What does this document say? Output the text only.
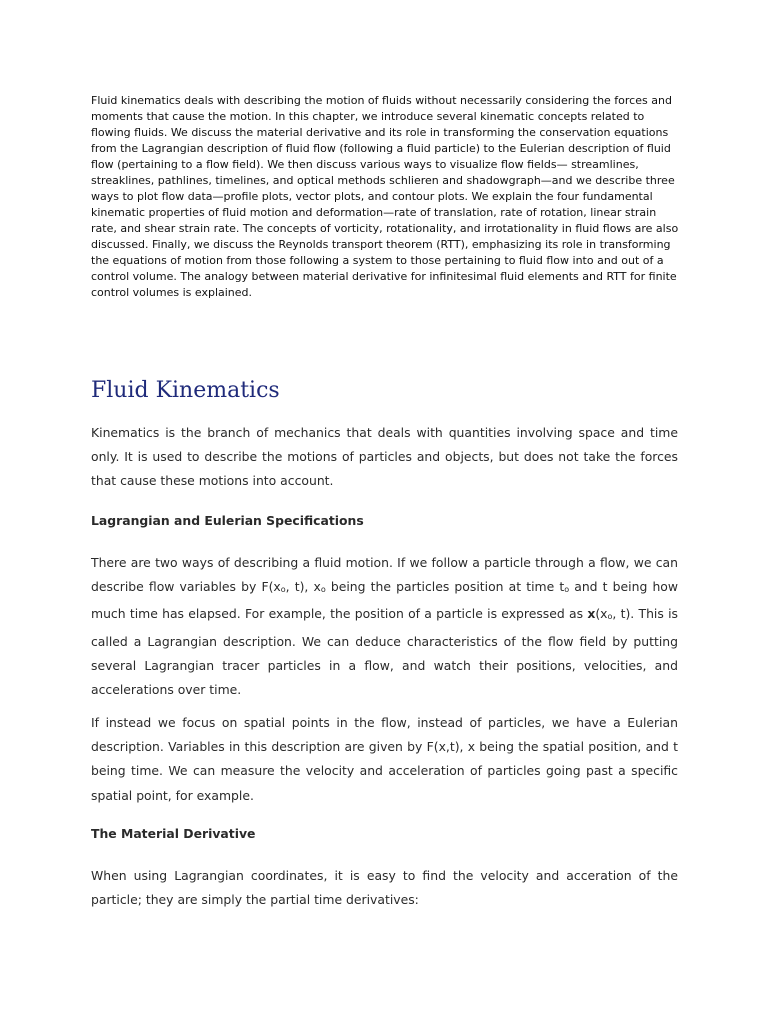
Fluid kinematics deals with describing the motion of fluids without necessarily considering the forces and moments that cause the motion. In this chapter, we introduce several kinematic concepts related to flowing fluids. We discuss the material derivative and its role in transforming the conservation equations from the Lagrangian description of fluid flow (following a fluid particle) to the Eulerian description of fluid flow (pertaining to a flow field). We then discuss various ways to visualize flow fields— streamlines, streaklines, pathlines, timelines, and optical methods schlieren and shadowgraph—and we describe three ways to plot flow data—profile plots, vector plots, and contour plots. We explain the four fundamental kinematic properties of fluid motion and deformation—rate of translation, rate of rotation, linear strain rate, and shear strain rate. The concepts of vorticity, rotationality, and irrotationality in fluid flows are also discussed. Finally, we discuss the Reynolds transport theorem (RTT), emphasizing its role in transforming the equations of motion from those following a system to those pertaining to fluid flow into and out of a control volume. The analogy between material derivative for infinitesimal fluid elements and RTT for finite control volumes is explained.

Fluid Kinematics

Kinematics is the branch of mechanics that deals with quantities involving space and time only. It is used to describe the motions of particles and objects, but does not take the forces that cause these motions into account.

Lagrangian and Eulerian Specifications

There are two ways of describing a fluid motion. If we follow a particle through a flow, we can describe flow variables by $F(x_o$, t), $x_o$ being the particles position at time $t_o$ and t being how much time has elapsed. For example, the position of a particle is expressed as $x(x_o$, t). This is called a Lagrangian description. We can deduce characteristics of the flow field by putting several Lagrangian tracer particles in a flow, and watch their positions, velocities, and accelerations over time.

If instead we focus on spatial points in the flow, instead of particles, we have a Eulerian description. Variables in this description are given by F(x,t), x being the spatial position, and t being time. We can measure the velocity and acceleration of particles going past a specific spatial point, for example.

The Material Derivative

When using Lagrangian coordinates, it is easy to find the velocity and acceration of the particle; they are simply the partial time derivatives:
